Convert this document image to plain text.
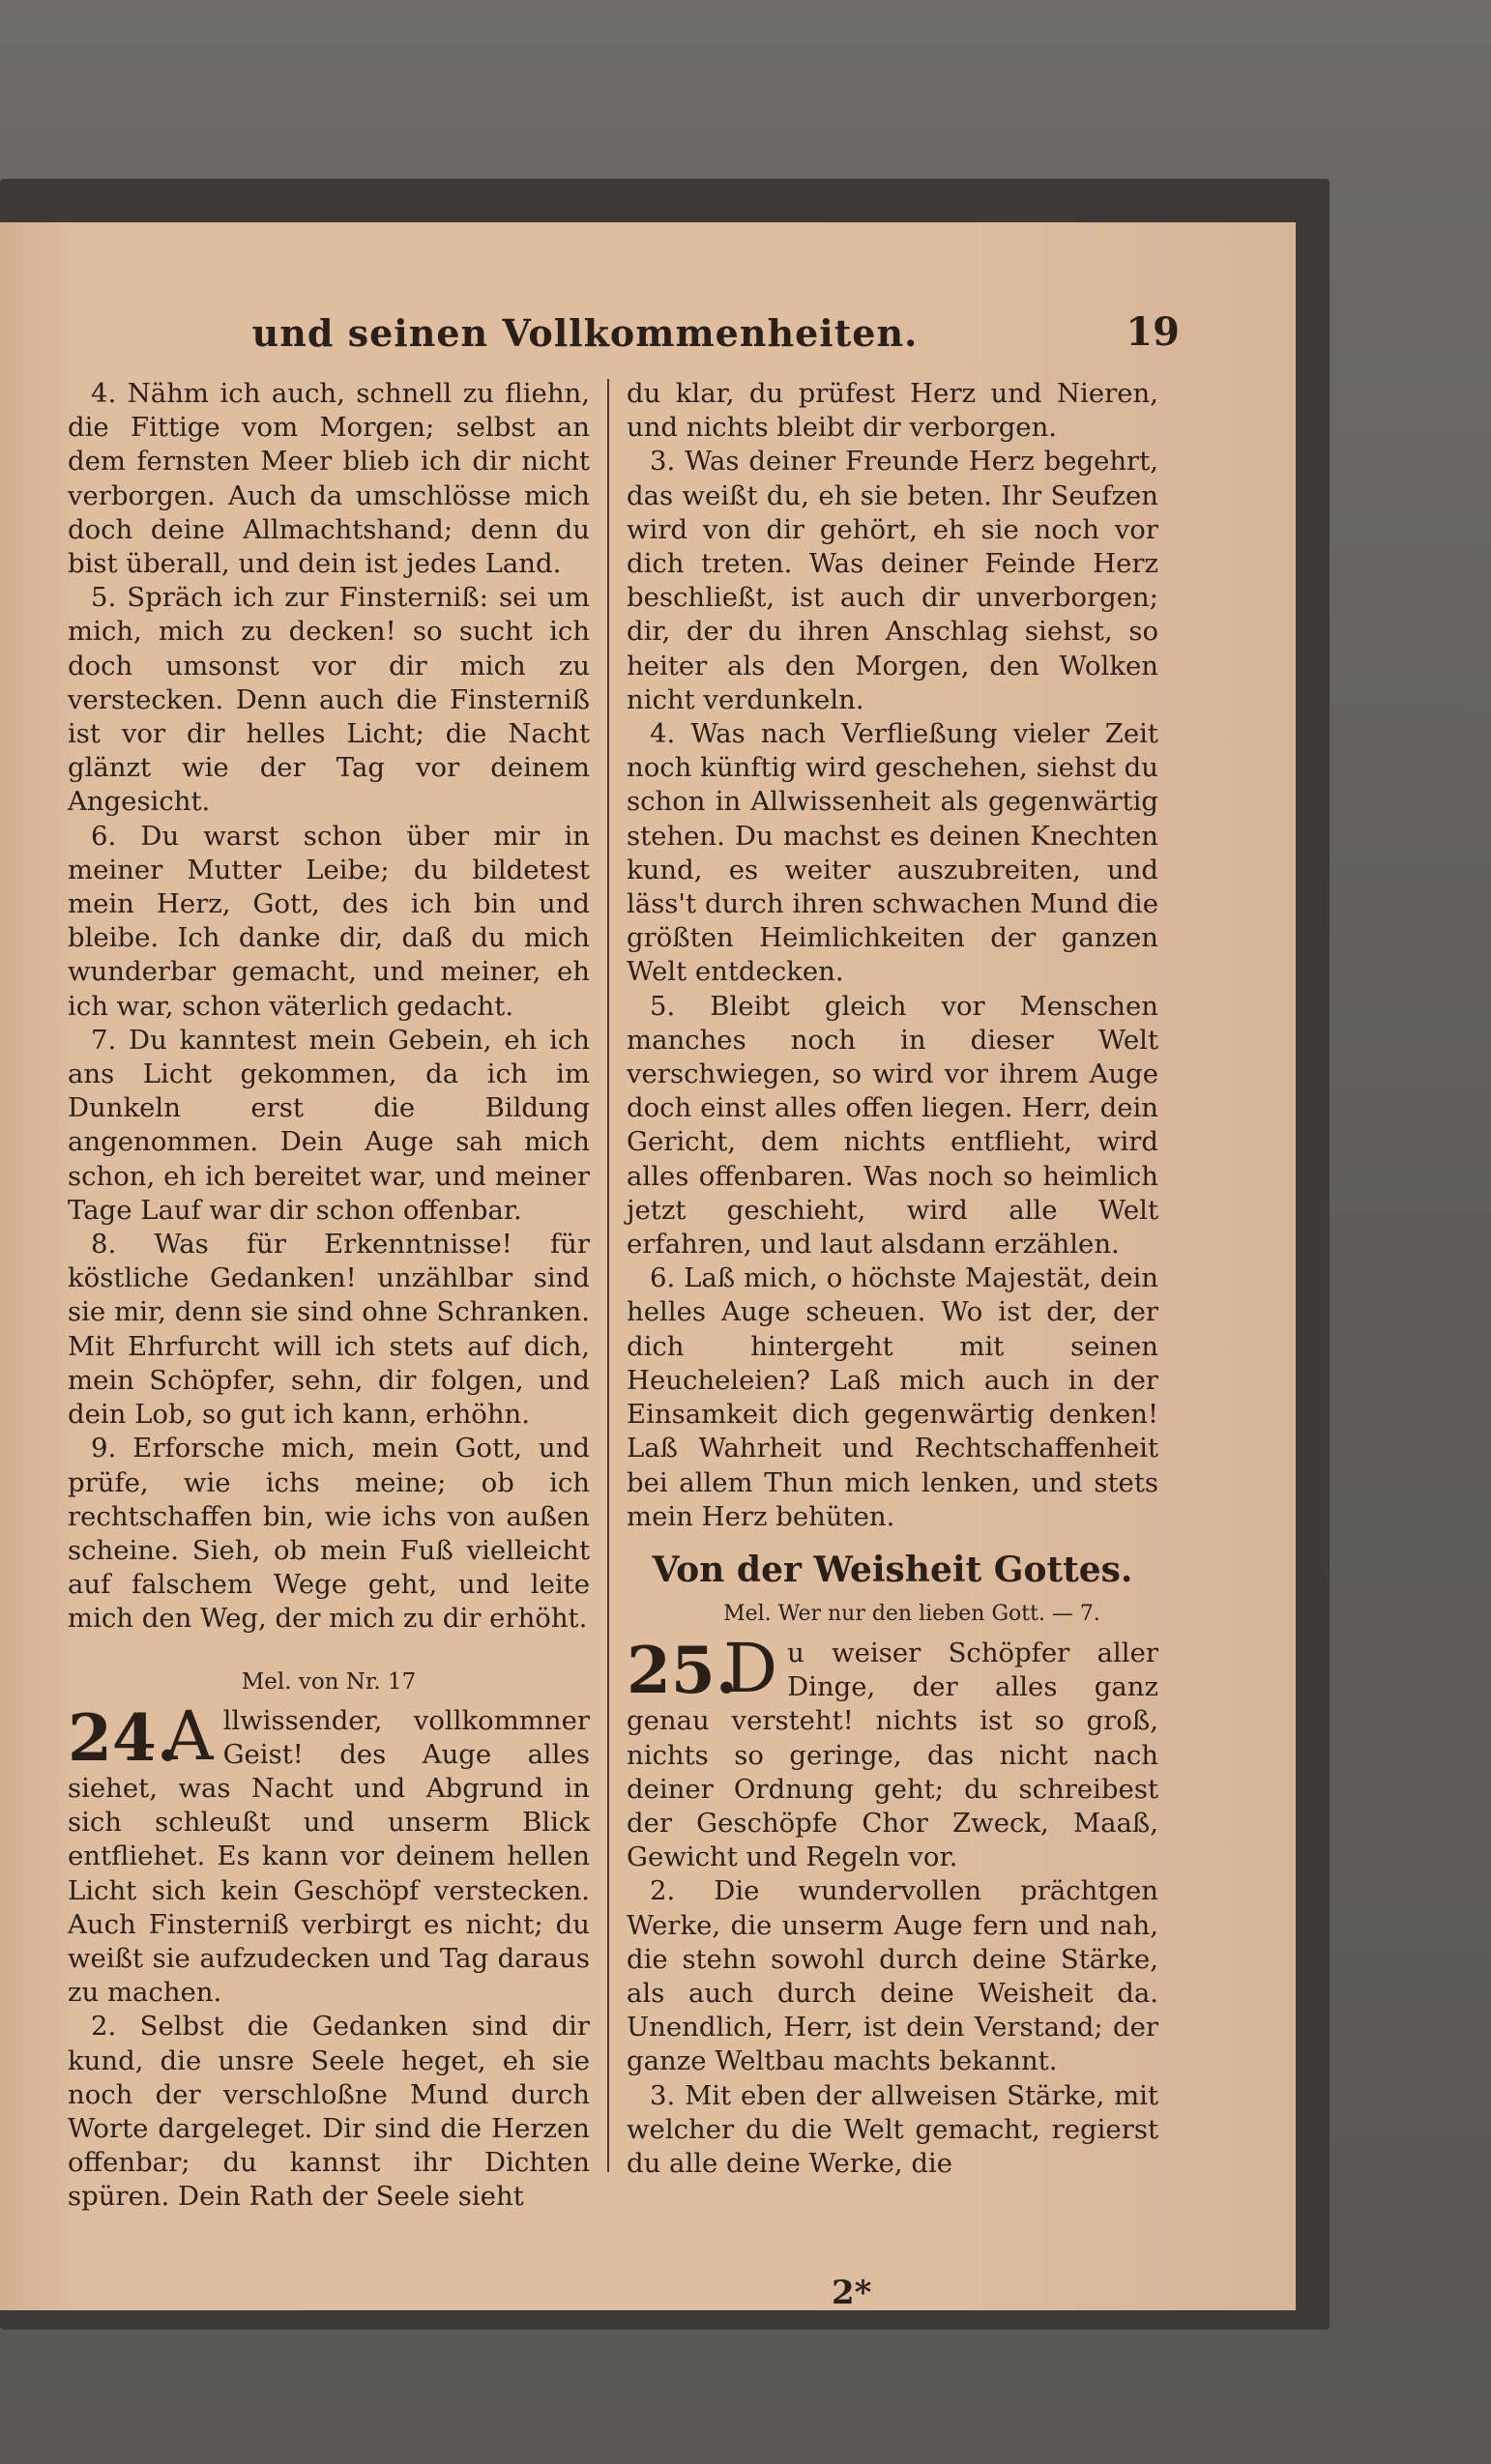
und seinen Vollkommenheiten.	19

4. Nähm ich auch, schnell zu fliehn, die Fittige vom Morgen; selbst an dem fernsten Meer blieb ich dir nicht verborgen. Auch da umschlösse mich doch deine Allmachtshand; denn du bist überall, und dein ist jedes Land.

5. Spräch ich zur Finsterniß: sei um mich, mich zu decken! so sucht ich doch umsonst vor dir mich zu verstecken. Denn auch die Finsterniß ist vor dir helles Licht; die Nacht glänzt wie der Tag vor deinem Angesicht.

6. Du warst schon über mir in meiner Mutter Leibe; du bildetest mein Herz, Gott, des ich bin und bleibe. Ich danke dir, daß du mich wunderbar gemacht, und meiner, eh ich war, schon väterlich gedacht.

7. Du kanntest mein Gebein, eh ich ans Licht gekommen, da ich im Dunkeln erst die Bildung angenommen. Dein Auge sah mich schon, eh ich bereitet war, und meiner Tage Lauf war dir schon offenbar.

8. Was für Erkenntnisse! für köstliche Gedanken! unzählbar sind sie mir, denn sie sind ohne Schranken. Mit Ehrfurcht will ich stets auf dich, mein Schöpfer, sehn, dir folgen, und dein Lob, so gut ich kann, erhöhn.

9. Erforsche mich, mein Gott, und prüfe, wie ichs meine; ob ich rechtschaffen bin, wie ichs von außen scheine. Sieh, ob mein Fuß vielleicht auf falschem Wege geht, und leite mich den Weg, der mich zu dir erhöht.

Mel. von Nr. 17

24.
A llwissender, vollkommner Geist! des Auge alles siehet, was Nacht und Abgrund in sich schleußt und unserm Blick entfliehet. Es kann vor deinem hellen Licht sich kein Geschöpf verstecken. Auch Finsterniß verbirgt es nicht; du weißt sie aufzudecken und Tag daraus zu machen.

2. Selbst die Gedanken sind dir kund, die unsre Seele heget, eh sie noch der verschloßne Mund durch Worte dargeleget. Dir sind die Herzen offenbar; du kannst ihr Dichten spüren. Dein Rath der Seele sieht

du klar, du prüfest Herz und Nieren, und nichts bleibt dir verborgen.

3. Was deiner Freunde Herz begehrt, das weißt du, eh sie beten. Ihr Seufzen wird von dir gehört, eh sie noch vor dich treten. Was deiner Feinde Herz beschließt, ist auch dir unverborgen; dir, der du ihren Anschlag siehst, so heiter als den Morgen, den Wolken nicht verdunkeln.

4. Was nach Verfließung vieler Zeit noch künftig wird geschehen, siehst du schon in Allwissenheit als gegenwärtig stehen. Du machst es deinen Knechten kund, es weiter auszubreiten, und läss't durch ihren schwachen Mund die größten Heimlichkeiten der ganzen Welt entdecken.

5. Bleibt gleich vor Menschen manches noch in dieser Welt verschwiegen, so wird vor ihrem Auge doch einst alles offen liegen. Herr, dein Gericht, dem nichts entflieht, wird alles offenbaren. Was noch so heimlich jetzt geschieht, wird alle Welt erfahren, und laut alsdann erzählen.

6. Laß mich, o höchste Majestät, dein helles Auge scheuen. Wo ist der, der dich hintergeht mit seinen Heucheleien? Laß mich auch in der Einsamkeit dich gegenwärtig denken! Laß Wahrheit und Rechtschaffenheit bei allem Thun mich lenken, und stets mein Herz behüten.

Von der Weisheit Gottes.

Mel. Wer nur den lieben Gott. — 7.

25.
D u weiser Schöpfer aller Dinge, der alles ganz genau versteht! nichts ist so groß, nichts so geringe, das nicht nach deiner Ordnung geht; du schreibest der Geschöpfe Chor Zweck, Maaß, Gewicht und Regeln vor.

2. Die wundervollen prächtgen Werke, die unserm Auge fern und nah, die stehn sowohl durch deine Stärke, als auch durch deine Weisheit da. Unendlich, Herr, ist dein Verstand; der ganze Weltbau machts bekannt.

3. Mit eben der allweisen Stärke, mit welcher du die Welt gemacht, regierst du alle deine Werke, die

2*
